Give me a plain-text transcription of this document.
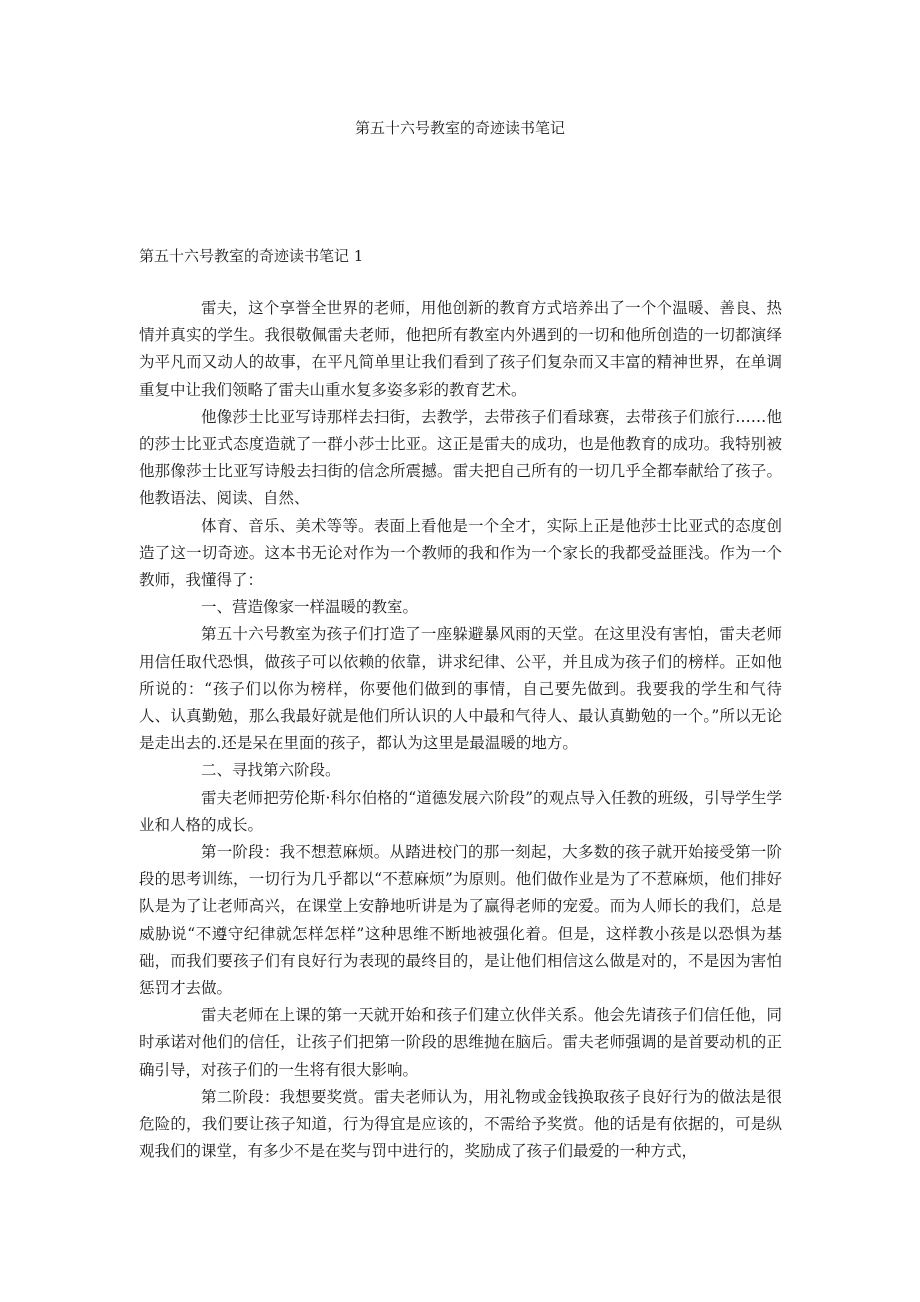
第五十六号教室的奇迹读书笔记
第五十六号教室的奇迹读书笔记 1

雷夫，这个享誉全世界的老师，用他创新的教育方式培养出了一个个温暖、善良、热情并真实的学生。我很敬佩雷夫老师，他把所有教室内外遇到的一切和他所创造的一切都演绎为平凡而又动人的故事，在平凡简单里让我们看到了孩子们复杂而又丰富的精神世界，在单调重复中让我们领略了雷夫山重水复多姿多彩的教育艺术。

他像莎士比亚写诗那样去扫街，去教学，去带孩子们看球赛，去带孩子们旅行……他的莎士比亚式态度造就了一群小莎士比亚。这正是雷夫的成功，也是他教育的成功。我特别被他那像莎士比亚写诗般去扫街的信念所震撼。雷夫把自己所有的一切几乎全都奉献给了孩子。他教语法、阅读、自然、

体育、音乐、美术等等。表面上看他是一个全才，实际上正是他莎士比亚式的态度创造了这一切奇迹。这本书无论对作为一个教师的我和作为一个家长的我都受益匪浅。作为一个教师，我懂得了：

一、营造像家一样温暖的教室。

第五十六号教室为孩子们打造了一座躲避暴风雨的天堂。在这里没有害怕，雷夫老师用信任取代恐惧，做孩子可以依赖的依靠，讲求纪律、公平，并且成为孩子们的榜样。正如他所说的：“孩子们以你为榜样，你要他们做到的事情，自己要先做到。我要我的学生和气待人、认真勤勉，那么我最好就是他们所认识的人中最和气待人、最认真勤勉的一个。”所以无论是走出去的.还是呆在里面的孩子，都认为这里是最温暖的地方。

二、寻找第六阶段。

雷夫老师把劳伦斯·科尔伯格的“道德发展六阶段”的观点导入任教的班级，引导学生学业和人格的成长。

第一阶段：我不想惹麻烦。从踏进校门的那一刻起，大多数的孩子就开始接受第一阶段的思考训练，一切行为几乎都以“不惹麻烦”为原则。他们做作业是为了不惹麻烦，他们排好队是为了让老师高兴，在课堂上安静地听讲是为了赢得老师的宠爱。而为人师长的我们，总是威胁说“不遵守纪律就怎样怎样”这种思维不断地被强化着。但是，这样教小孩是以恐惧为基础，而我们要孩子们有良好行为表现的最终目的，是让他们相信这么做是对的，不是因为害怕惩罚才去做。

雷夫老师在上课的第一天就开始和孩子们建立伙伴关系。他会先请孩子们信任他，同时承诺对他们的信任，让孩子们把第一阶段的思维抛在脑后。雷夫老师强调的是首要动机的正确引导，对孩子们的一生将有很大影响。

第二阶段：我想要奖赏。雷夫老师认为，用礼物或金钱换取孩子良好行为的做法是很危险的，我们要让孩子知道，行为得宜是应该的，不需给予奖赏。他的话是有依据的，可是纵观我们的课堂，有多少不是在奖与罚中进行的，奖励成了孩子们最爱的一种方式，
